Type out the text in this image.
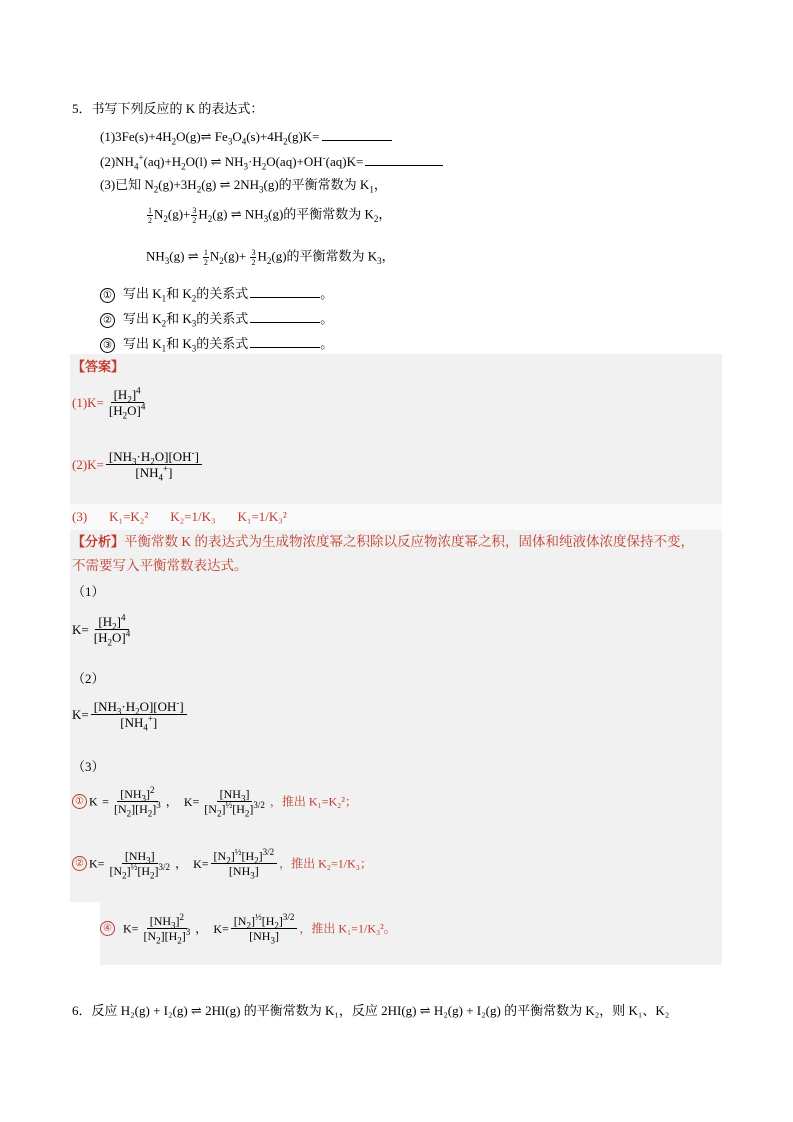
5．书写下列反应的 K 的表达式：
$(1)3Fe(s)+4H_2O(g)\rightleftharpoons$ $Fe_3O_4(s)+4H_2(g)K=$
$(2)NH_4^+(aq)+H_2O(l)$ ⇌ $NH_3\cdot H_2O(aq)+OH^-(aq)K=$
(3)已知 $N_2(g)+3H_2(g)$ ⇌ $2NH_3(g)$的平衡常数为 $K_1$，
$\frac{1}{2} N_2(g)+ \frac{3}{2} H_2(g)$ ⇌ $NH_3(g)$的平衡常数为 $K_2$，
$NH_3(g)$ ⇌ $\frac{1}{2} N_2(g)+ \frac{3}{2} H_2(g)$的平衡常数为 $K_3$，
① 写出 $K_1$和 $K_2$的关系式	。
② 写出 $K_2$和 $K_3$的关系式	。
③ 写出 $K_1$和 $K_3$的关系式	。
【答案】
$(1)K= \frac{[H_2]^4}{[H_2O]^4}$
$(2)K= \frac{[NH_3\cdot H_2O][OH^-]}{[NH_4^+]}$
(3) K₁=K₂² K₂=1/K₃ K₁=1/K₃²
【分析】平衡常数 K 的表达式为生成物浓度幂之积除以反应物浓度幂之积，固体和纯液体浓度保持不变，
不需要写入平衡常数表达式。
（1）
$K= \frac{[H_2]^4}{[H_2O]^4}$
（2）
$K= \frac{[NH_3\cdot H_2O][OH^-]}{[NH_4^+]}$
（3）
① $K = \frac{[NH_3]^2}{[N_2][H_2]^3}$ ， $K= \frac{[NH_3]}{[N_2]^{\frac{1}{2}}[H_2]^{3/2}}$ ，推出 K₁=K₂²；
② $K= \frac{[NH_3]}{[N_2]^{\frac{1}{2}}[H_2]^{3/2}}$ ， $K= \frac{[N_2]^{\frac{1}{2}}[H_2]^{3/2}}{[NH_3]}$ ，推出 K₂=1/K₃；
④ $K= \frac{[NH_3]^2}{[N_2][H_2]^3}$ ， $K= \frac{[N_2]^{\frac{1}{2}}[H_2]^{3/2}}{[NH_3]}$ ，推出 K₁=1/K₃²。
6．反应 H₂(g) + I₂(g) ⇌ 2HI(g) 的平衡常数为 K₁，反应 2HI(g) ⇌ H₂(g) + I₂(g) 的平衡常数为 K₂，则 K₁、K₂
